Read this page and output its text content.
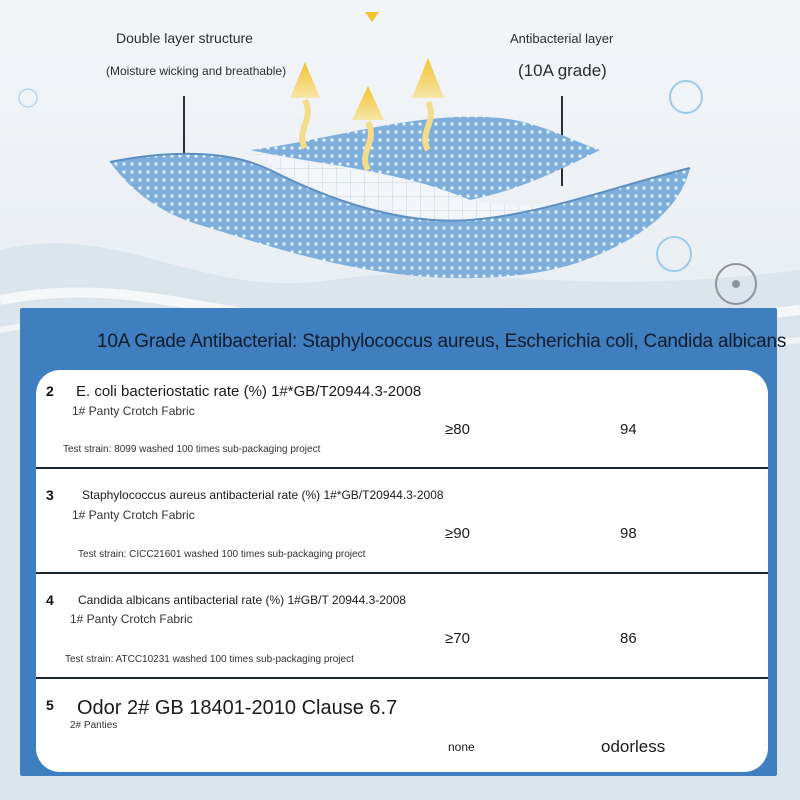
Double layer structure
(Moisture wicking and breathable)
Antibacterial layer
(10A grade)
10A Grade Antibacterial: Staphylococcus aureus, Escherichia coli, Candida albicans
2 E. coli bacteriostatic rate (%) 1#*GB/T20944.3-2008
1# Panty Crotch Fabric
≥80	94
Test strain: 8099 washed 100 times sub-packaging project
3 Staphylococcus aureus antibacterial rate (%) 1#*GB/T20944.3-2008
1# Panty Crotch Fabric
≥90	98
Test strain: CICC21601 washed 100 times sub-packaging project
4 Candida albicans antibacterial rate (%) 1#GB/T 20944.3-2008
1# Panty Crotch Fabric
≥70	86
Test strain: ATCC10231 washed 100 times sub-packaging project
5 Odor 2# GB 18401-2010 Clause 6.7
2# Panties
none	odorless
